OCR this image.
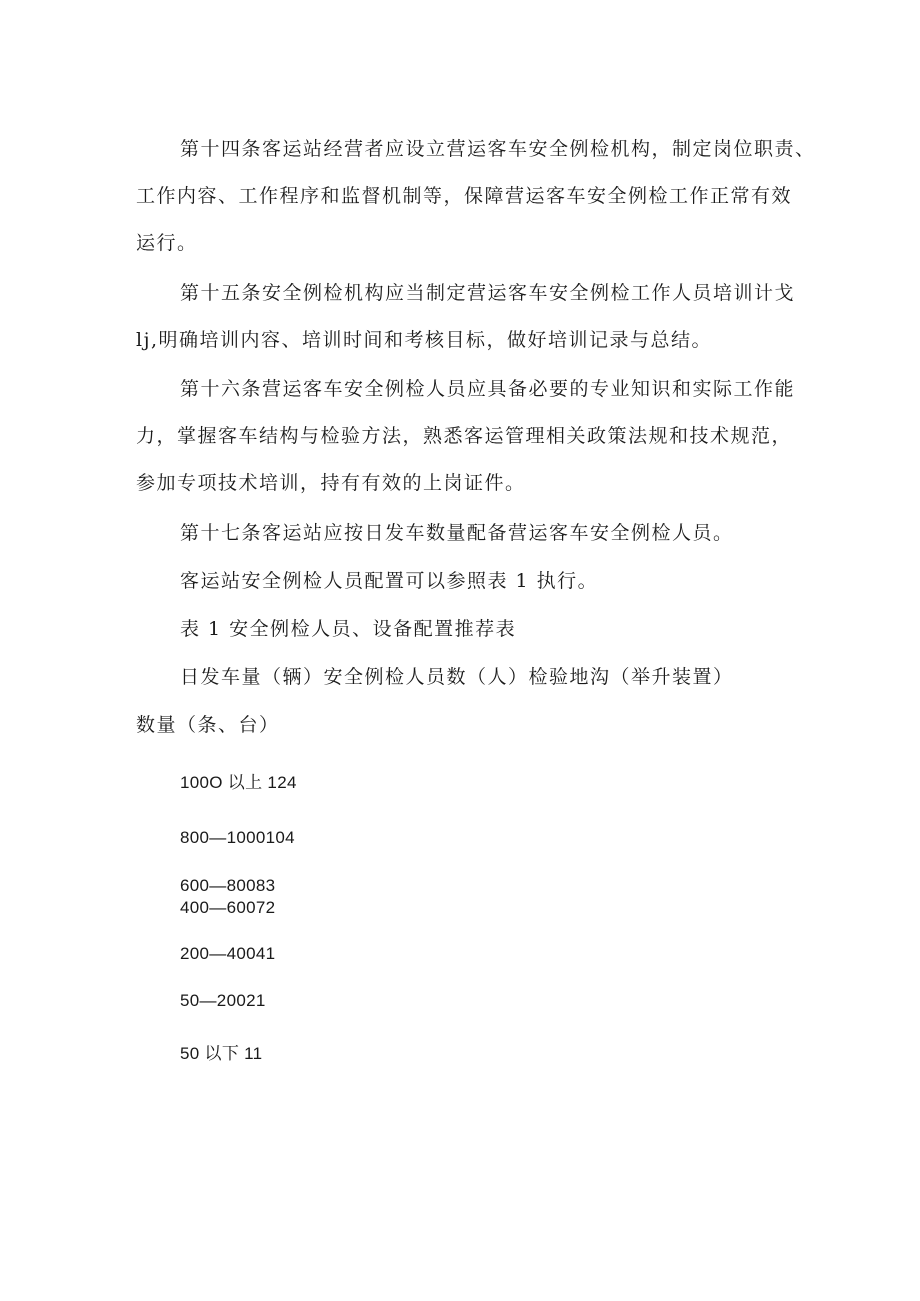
第十四条客运站经营者应设立营运客车安全例检机构，制定岗位职责、
工作内容、工作程序和监督机制等，保障营运客车安全例检工作正常有效
运行。
第十五条安全例检机构应当制定营运客车安全例检工作人员培训计戈
lj,明确培训内容、培训时间和考核目标，做好培训记录与总结。
第十六条营运客车安全例检人员应具备必要的专业知识和实际工作能
力，掌握客车结构与检验方法，熟悉客运管理相关政策法规和技术规范，
参加专项技术培训，持有有效的上岗证件。
第十七条客运站应按日发车数量配备营运客车安全例检人员。
客运站安全例检人员配置可以参照表 1 执行。
表 1 安全例检人员、设备配置推荐表
日发车量（辆）安全例检人员数（人）检验地沟（举升装置）
数量（条、台）
100O 以上 124
800—1000104
600—80083
400—60072
200—40041
50—20021
50 以下 11
